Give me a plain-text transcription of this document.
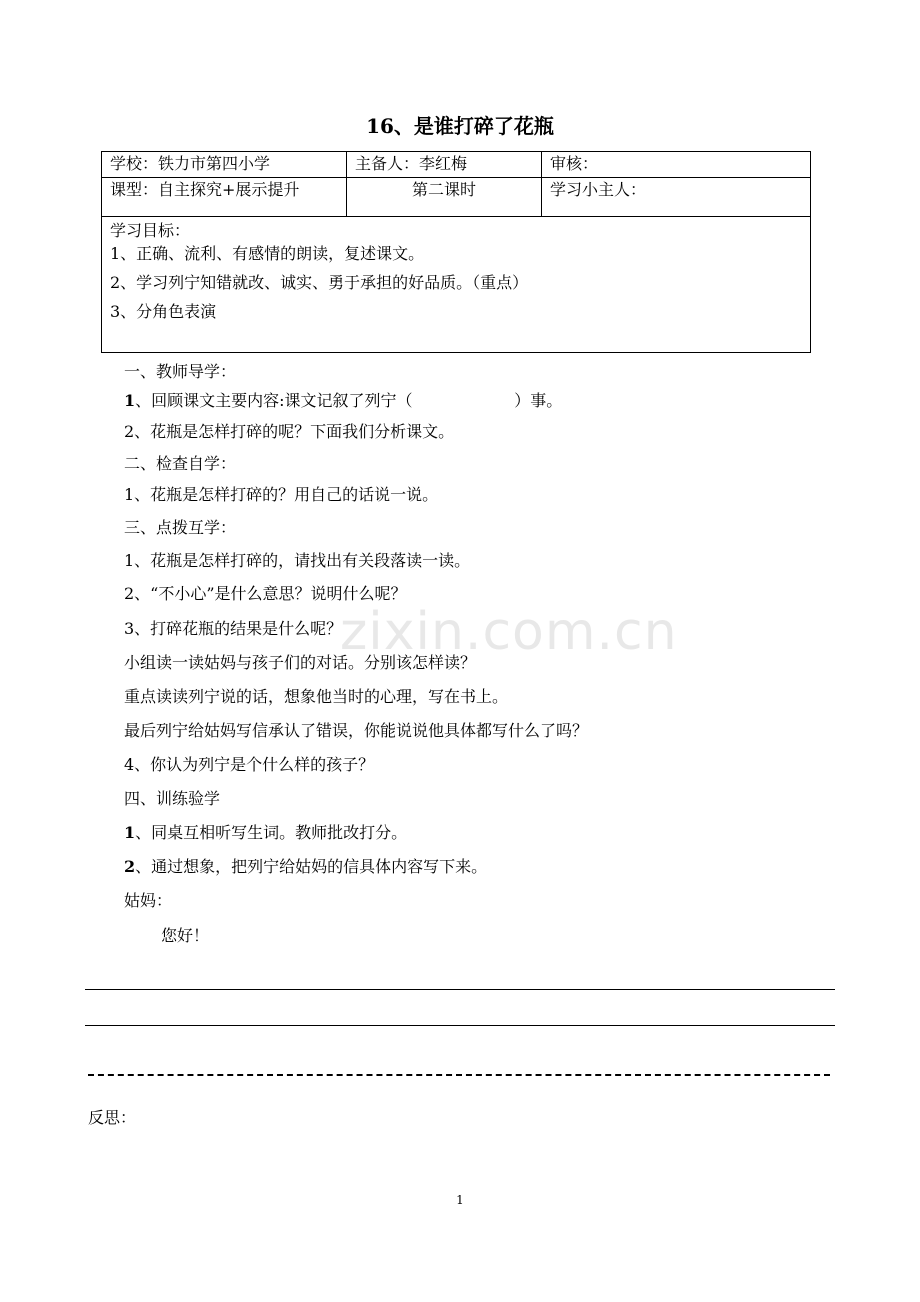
16、是谁打碎了花瓶
学校：铁力市第四小学	主备人：李红梅	审核：
课型：自主探究+展示提升	第二课时	学习小主人：
学习目标：
1、正确、流利、有感情的朗读，复述课文。
2、学习列宁知错就改、诚实、勇于承担的好品质。（重点）
3、分角色表演
zixin.com.cn
一、教师导学：
1、回顾课文主要内容:课文记叙了列宁（                    ）事。
2、花瓶是怎样打碎的呢？下面我们分析课文。
二、检查自学：
1、花瓶是怎样打碎的？用自己的话说一说。
三、点拨互学：
1、花瓶是怎样打碎的，请找出有关段落读一读。
2、“不小心”是什么意思？说明什么呢？
3、打碎花瓶的结果是什么呢？
小组读一读姑妈与孩子们的对话。分别该怎样读？
重点读读列宁说的话，想象他当时的心理，写在书上。
最后列宁给姑妈写信承认了错误，你能说说他具体都写什么了吗？
4、你认为列宁是个什么样的孩子？
四、训练验学
1、同桌互相听写生词。教师批改打分。
2、通过想象，把列宁给姑妈的信具体内容写下来。
姑妈：
您好！
反思：
1
